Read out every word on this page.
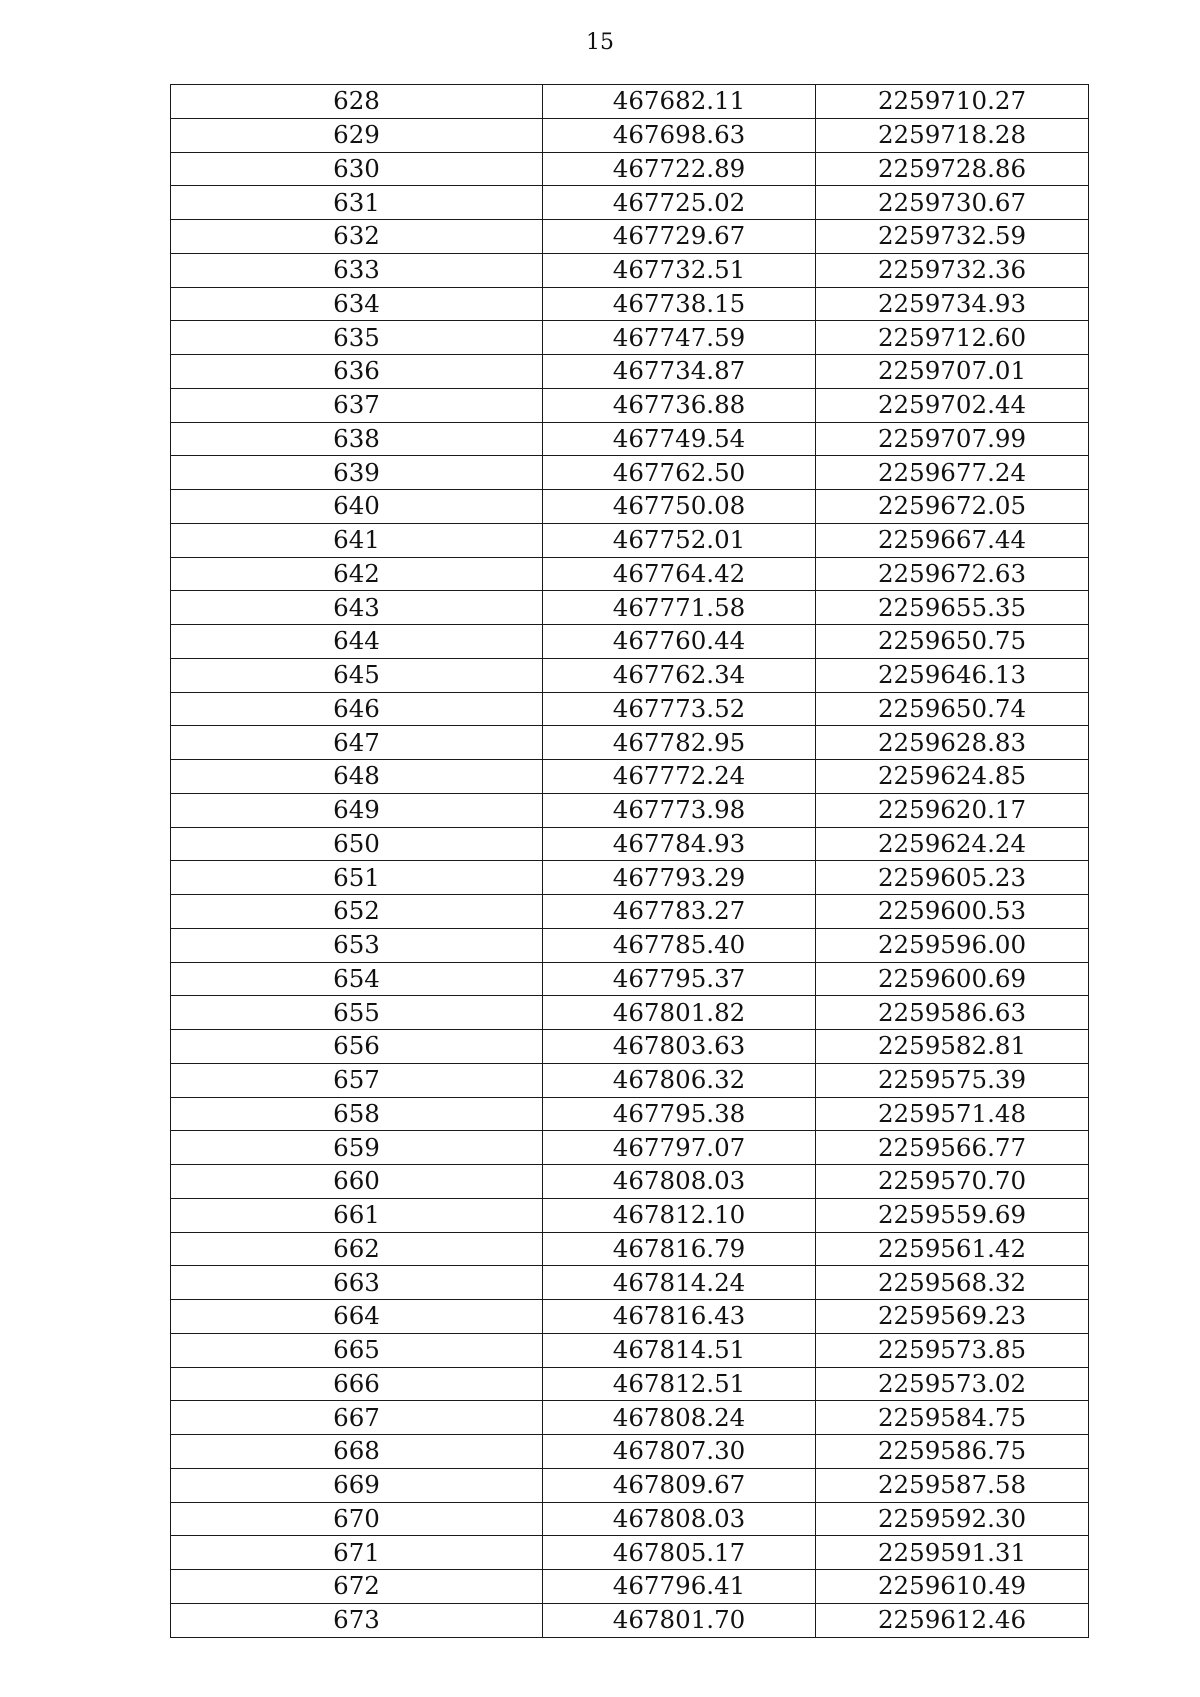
15
628	467682.11	2259710.27
629	467698.63	2259718.28
630	467722.89	2259728.86
631	467725.02	2259730.67
632	467729.67	2259732.59
633	467732.51	2259732.36
634	467738.15	2259734.93
635	467747.59	2259712.60
636	467734.87	2259707.01
637	467736.88	2259702.44
638	467749.54	2259707.99
639	467762.50	2259677.24
640	467750.08	2259672.05
641	467752.01	2259667.44
642	467764.42	2259672.63
643	467771.58	2259655.35
644	467760.44	2259650.75
645	467762.34	2259646.13
646	467773.52	2259650.74
647	467782.95	2259628.83
648	467772.24	2259624.85
649	467773.98	2259620.17
650	467784.93	2259624.24
651	467793.29	2259605.23
652	467783.27	2259600.53
653	467785.40	2259596.00
654	467795.37	2259600.69
655	467801.82	2259586.63
656	467803.63	2259582.81
657	467806.32	2259575.39
658	467795.38	2259571.48
659	467797.07	2259566.77
660	467808.03	2259570.70
661	467812.10	2259559.69
662	467816.79	2259561.42
663	467814.24	2259568.32
664	467816.43	2259569.23
665	467814.51	2259573.85
666	467812.51	2259573.02
667	467808.24	2259584.75
668	467807.30	2259586.75
669	467809.67	2259587.58
670	467808.03	2259592.30
671	467805.17	2259591.31
672	467796.41	2259610.49
673	467801.70	2259612.46
